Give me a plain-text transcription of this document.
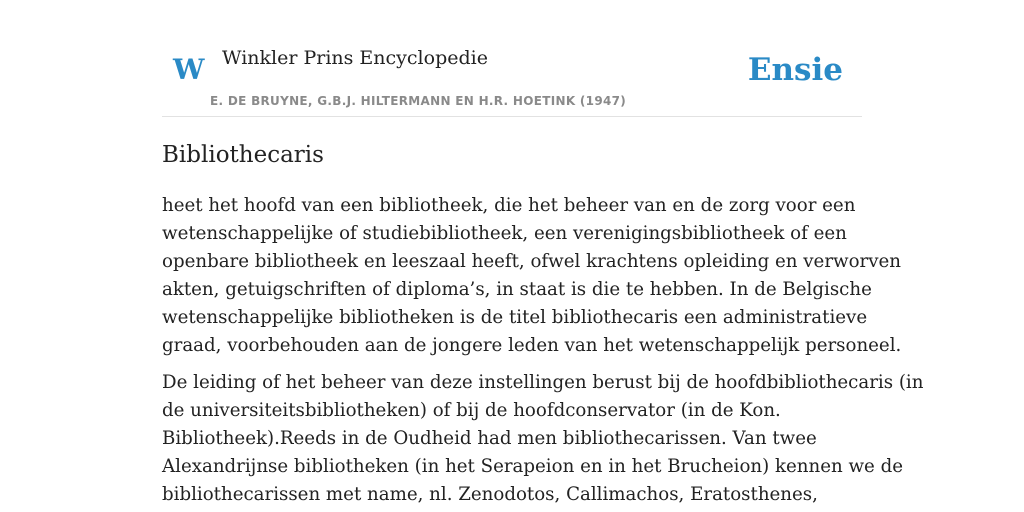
W Winkler Prins Encyclopedie
E. DE BRUYNE, G.B.J. HILTERMANN EN H.R. HOETINK (1947)
Ensie
Bibliothecaris

heet het hoofd van een bibliotheek, die het beheer van en de zorg voor een
wetenschappelijke of studiebibliotheek, een verenigingsbibliotheek of een
openbare bibliotheek en leeszaal heeft, ofwel krachtens opleiding en verworven
akten, getuigschriften of diploma’s, in staat is die te hebben. In de Belgische
wetenschappelijke bibliotheken is de titel bibliothecaris een administratieve
graad, voorbehouden aan de jongere leden van het wetenschappelijk personeel.

De leiding of het beheer van deze instellingen berust bij de hoofdbibliothecaris (in
de universiteitsbibliotheken) of bij de hoofdconservator (in de Kon.
Bibliotheek).Reeds in de Oudheid had men bibliothecarissen. Van twee
Alexandrijnse bibliotheken (in het Serapeion en in het Brucheion) kennen we de
bibliothecarissen met name, nl. Zenodotos, Callimachos, Eratosthenes,
